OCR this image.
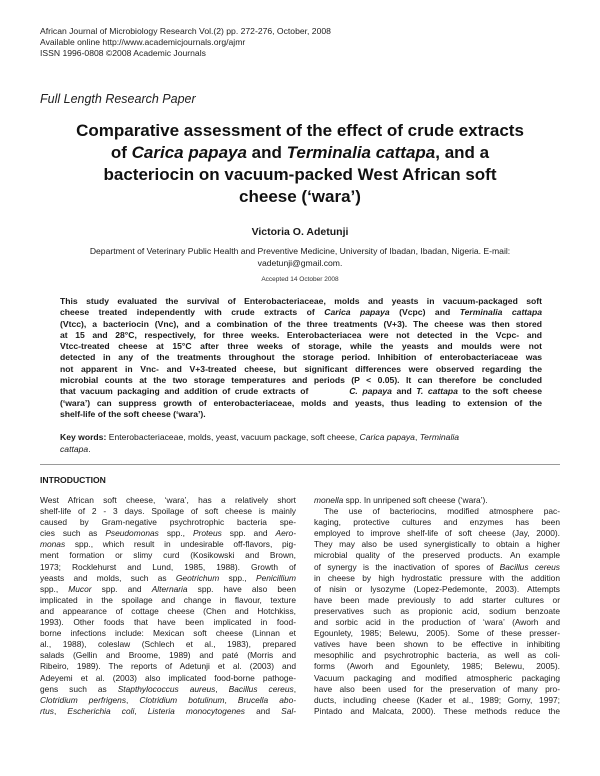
African Journal of Microbiology Research Vol.(2) pp. 272-276, October, 2008
Available online http://www.academicjournals.org/ajmr
ISSN 1996-0808 ©2008 Academic Journals
Full Length Research Paper
Comparative assessment of the effect of crude extracts
of Carica papaya and Terminalia cattapa, and a
bacteriocin on vacuum-packed West African soft
cheese (‘wara’)
Victoria O. Adetunji
Department of Veterinary Public Health and Preventive Medicine, University of Ibadan, Ibadan, Nigeria. E-mail:
vadetunji@gmail.com.
Accepted 14 October 2008
This study evaluated the survival of Enterobacteriaceae, molds and yeasts in vacuum-packaged soft
cheese treated independently with crude extracts of Carica papaya (Vcpc) and Terminalia cattapa
(Vtcc), a bacteriocin (Vnc), and a combination of the three treatments (V+3). The cheese was then stored
at 15 and 28°C, respectively, for three weeks. Enterobacteriacea were not detected in the Vcpc- and
Vtcc-treated cheese at 15°C after three weeks of storage, while the yeasts and moulds were not
detected in any of the treatments throughout the storage period. Inhibition of enterobacteriaceae was
not apparent in Vnc- and V+3-treated cheese, but significant differences were observed regarding the
microbial counts at the two storage temperatures and periods (P < 0.05). It can therefore be concluded
that vacuum packaging and addition of crude extracts of	C. papaya and T. cattapa to the soft cheese
(‘wara’) can suppress growth of enterobacteriaceae, molds and yeasts, thus leading to extension of the
shelf-life of the soft cheese (‘wara’).
Key words: Enterobacteriaceae, molds, yeast, vacuum package, soft cheese, Carica papaya, Terminalia
cattapa.
INTRODUCTION
West African soft cheese, ‘wara’, has a relatively short
shelf-life of 2 - 3 days. Spoilage of soft cheese is mainly
caused by Gram-negative psychrotrophic bacteria spe-
cies such as Pseudomonas spp., Proteus spp. and Aero-
monas spp., which result in undesirable off-flavors, pig-
ment formation or slimy curd (Kosikowski and Brown,
1973; Rocklehurst and Lund, 1985, 1988). Growth of
yeasts and molds, such as Geotrichum spp., Penicillium
spp., Mucor spp. and Alternaria spp. have also been
implicated in the spoilage and change in flavour, texture
and appearance of cottage cheese (Chen and Hotchkiss,
1993). Other foods that have been implicated in food-
borne infections include: Mexican soft cheese (Linnan et
al., 1988), coleslaw (Schlech et al., 1983), prepared
salads (Gellin and Broome, 1989) and paté (Morris and
Ribeiro, 1989). The reports of Adetunji et al. (2003) and
Adeyemi et al. (2003) also implicated food-borne pathoge-
gens such as Stapthylococcus aureus, Bacillus cereus,
Clotridium perfrigens, Clotridium botulinum, Brucella abo-
rtus, Escherichia coli, Listeria monocytogenes and Sal-
monella spp. In unripened soft cheese (‘wara’).
The use of bacteriocins, modified atmosphere pac-
kaging, protective cultures and enzymes has been
employed to improve shelf-life of soft cheese (Jay, 2000).
They may also be used synergistically to obtain a higher
microbial quality of the preserved products. An example
of synergy is the inactivation of spores of Bacillus cereus
in cheese by high hydrostatic pressure with the addition
of nisin or lysozyme (Lopez-Pedemonte, 2003). Attempts
have been made previously to add starter cultures or
preservatives such as propionic acid, sodium benzoate
and sorbic acid in the production of ‘wara’ (Aworh and
Egounlety, 1985; Belewu, 2005). Some of these presser-
vatives have been shown to be effective in inhibiting
mesophilic and psychrotrophic bacteria, as well as coli-
forms (Aworh and Egounlety, 1985; Belewu, 2005).
Vacuum packaging and modified atmospheric packaging
have also been used for the preservation of many pro-
ducts, including cheese (Kader et al., 1989; Gorny, 1997;
Pintado and Malcata, 2000). These methods reduce the
